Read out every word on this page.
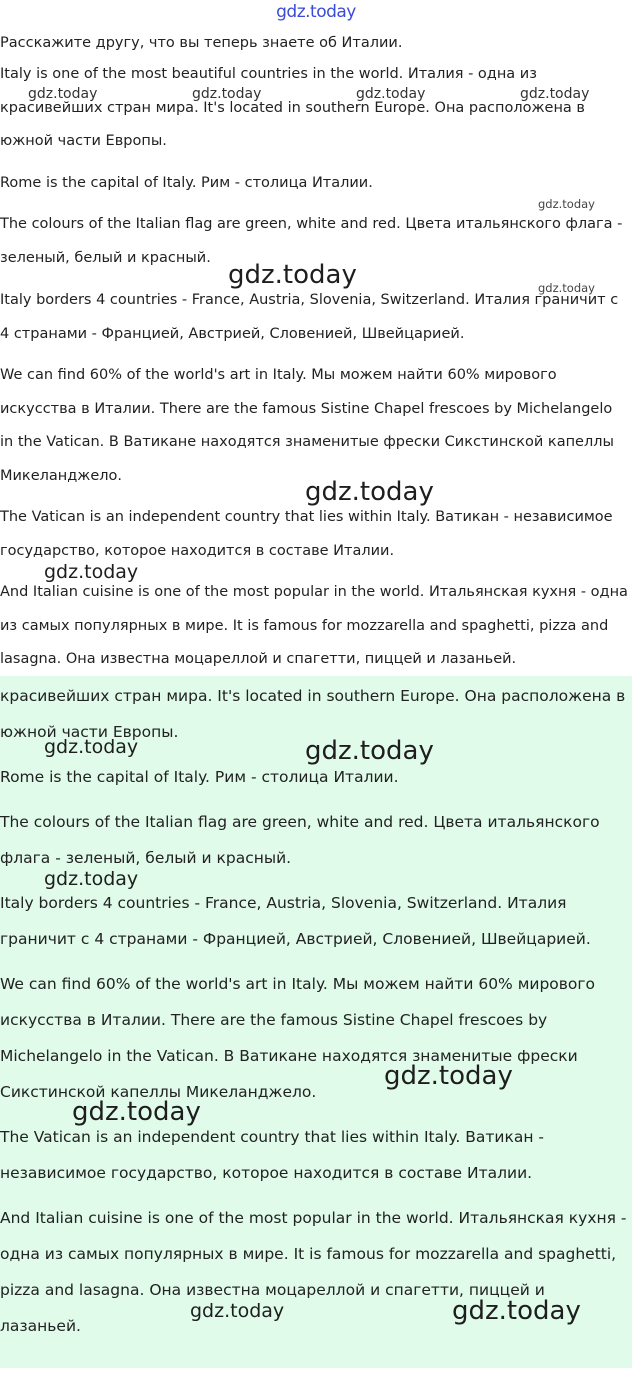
gdz.today
Расскажите другу, что вы теперь знаете об Италии.
Italy is one of the most beautiful countries in the world. Италия - одна из красивейших стран мира. It's located in southern Europe. Она расположена в южной части Европы.
Rome is the capital of Italy. Рим - столица Италии.
The colours of the Italian flag are green, white and red. Цвета итальянского флага - зеленый, белый и красный.
Italy borders 4 countries - France, Austria, Slovenia, Switzerland. Италия граничит с 4 странами - Францией, Австрией, Словенией, Швейцарией.
We can find 60% of the world's art in Italy. Мы можем найти 60% мирового искусства в Италии. There are the famous Sistine Chapel frescoes by Michelangelo in the Vatican. В Ватикане находятся знаменитые фрески Сикстинской капеллы Микеланджело.
The Vatican is an independent country that lies within Italy. Ватикан - независимое государство, которое находится в составе Италии.
And Italian cuisine is one of the most popular in the world. Итальянская кухня - одна из самых популярных в мире. It is famous for mozzarella and spaghetti, pizza and lasagna. Она известна моцареллой и спагетти, пиццей и лазаньей.
красивейших стран мира. It's located in southern Europe. Она расположена в южной части Европы.
Rome is the capital of Italy. Рим - столица Италии.
The colours of the Italian flag are green, white and red. Цвета итальянского флага - зеленый, белый и красный.
Italy borders 4 countries - France, Austria, Slovenia, Switzerland. Италия граничит с 4 странами - Францией, Австрией, Словенией, Швейцарией.
We can find 60% of the world's art in Italy. Мы можем найти 60% мирового искусства в Италии. There are the famous Sistine Chapel frescoes by Michelangelo in the Vatican. В Ватикане находятся знаменитые фрески Сикстинской капеллы Микеланджело.
The Vatican is an independent country that lies within Italy. Ватикан - независимое государство, которое находится в составе Италии.
And Italian cuisine is one of the most popular in the world. Итальянская кухня - одна из самых популярных в мире. It is famous for mozzarella and spaghetti, pizza and lasagna. Она известна моцареллой и спагетти, пиццей и лазаньей.
gdz.today	gdz.today	gdz.today	gdz.today
gdz.today
gdz.today
gdz.today
gdz.today
gdz.today
gdz.today	gdz.today
gdz.today
gdz.today
gdz.today
gdz.today	gdz.today
